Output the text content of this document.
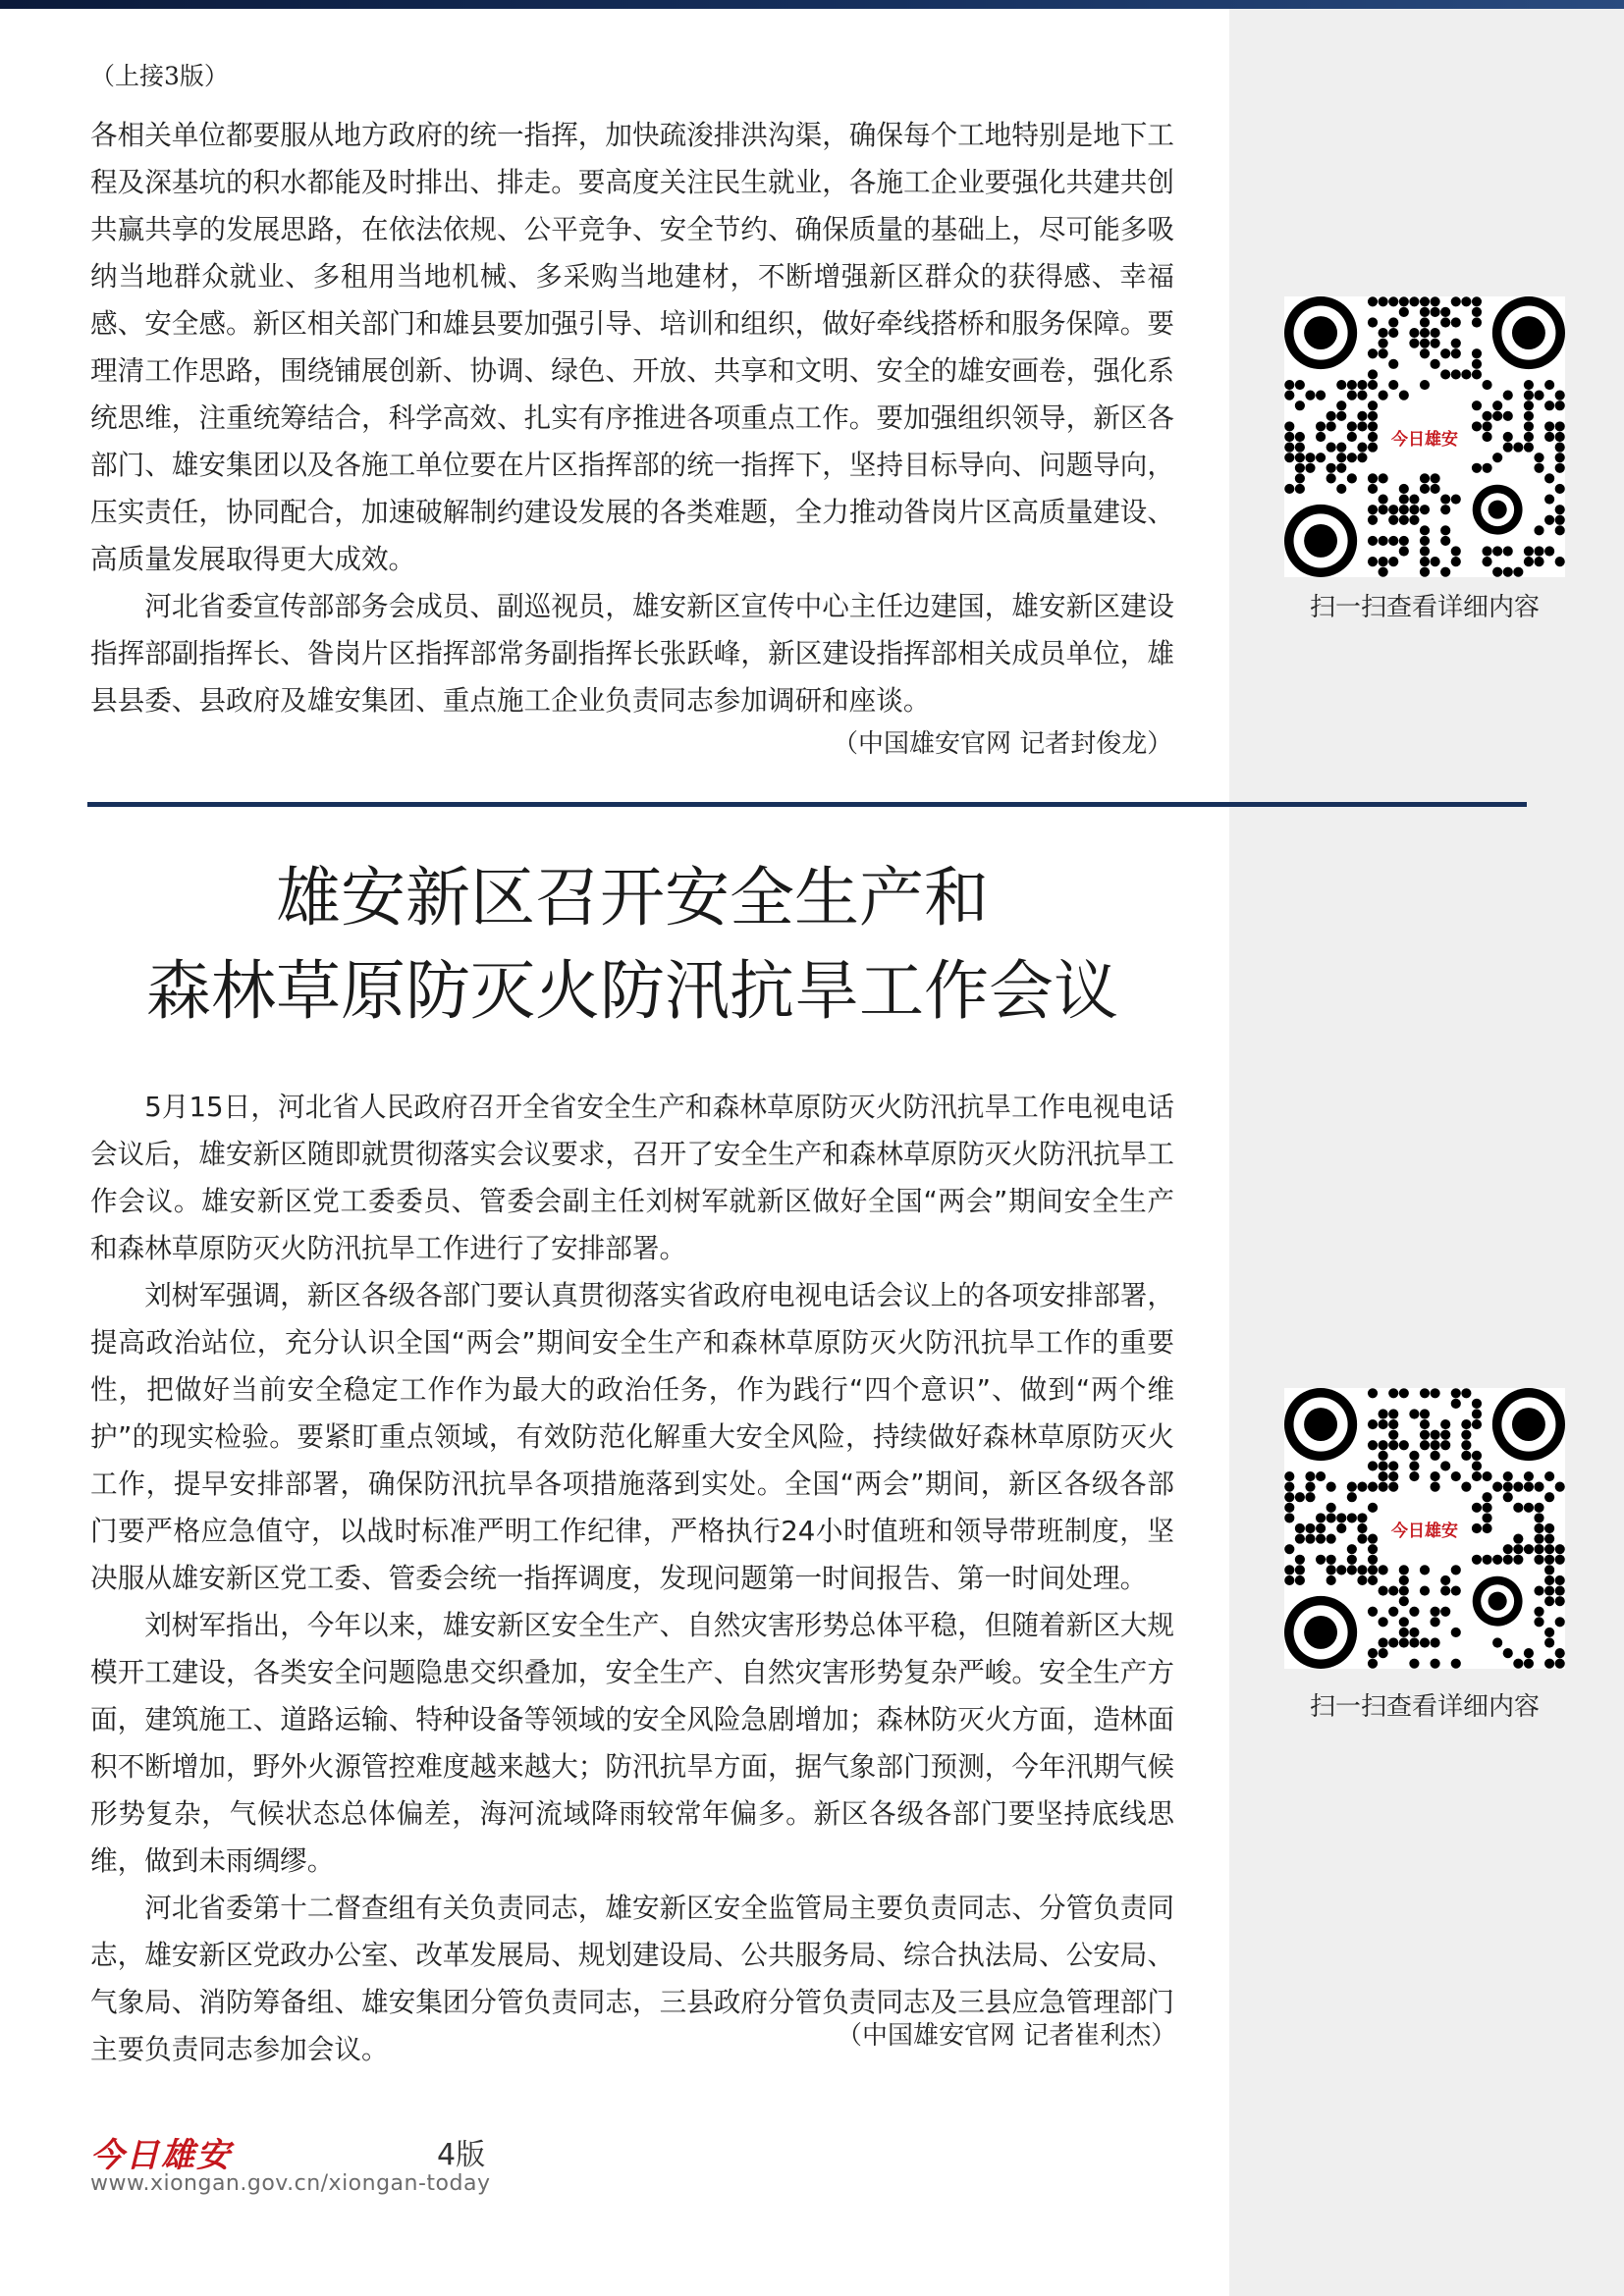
（上接3版）

各相关单位都要服从地方政府的统一指挥，加快疏浚排洪沟渠，确保每个工地特别是地下工程及深基坑的积水都能及时排出、排走。要高度关注民生就业，各施工企业要强化共建共创共赢共享的发展思路，在依法依规、公平竞争、安全节约、确保质量的基础上，尽可能多吸纳当地群众就业、多租用当地机械、多采购当地建材，不断增强新区群众的获得感、幸福感、安全感。新区相关部门和雄县要加强引导、培训和组织，做好牵线搭桥和服务保障。要理清工作思路，围绕铺展创新、协调、绿色、开放、共享和文明、安全的雄安画卷，强化系统思维，注重统筹结合，科学高效、扎实有序推进各项重点工作。要加强组织领导，新区各部门、雄安集团以及各施工单位要在片区指挥部的统一指挥下，坚持目标导向、问题导向，压实责任，协同配合，加速破解制约建设发展的各类难题，全力推动昝岗片区高质量建设、高质量发展取得更大成效。

河北省委宣传部部务会成员、副巡视员，雄安新区宣传中心主任边建国，雄安新区建设指挥部副指挥长、昝岗片区指挥部常务副指挥长张跃峰，新区建设指挥部相关成员单位，雄县县委、县政府及雄安集团、重点施工企业负责同志参加调研和座谈。

（中国雄安官网 记者封俊龙）
雄安新区召开安全生产和
森林草原防灭火防汛抗旱工作会议

5月15日，河北省人民政府召开全省安全生产和森林草原防灭火防汛抗旱工作电视电话会议后，雄安新区随即就贯彻落实会议要求，召开了安全生产和森林草原防灭火防汛抗旱工作会议。雄安新区党工委委员、管委会副主任刘树军就新区做好全国“两会”期间安全生产和森林草原防灭火防汛抗旱工作进行了安排部署。

刘树军强调，新区各级各部门要认真贯彻落实省政府电视电话会议上的各项安排部署，提高政治站位，充分认识全国“两会”期间安全生产和森林草原防灭火防汛抗旱工作的重要性，把做好当前安全稳定工作作为最大的政治任务，作为践行“四个意识”、做到“两个维护”的现实检验。要紧盯重点领域，有效防范化解重大安全风险，持续做好森林草原防灭火工作，提早安排部署，确保防汛抗旱各项措施落到实处。全国“两会”期间，新区各级各部门要严格应急值守，以战时标准严明工作纪律，严格执行24小时值班和领导带班制度，坚决服从雄安新区党工委、管委会统一指挥调度，发现问题第一时间报告、第一时间处理。

刘树军指出，今年以来，雄安新区安全生产、自然灾害形势总体平稳，但随着新区大规模开工建设，各类安全问题隐患交织叠加，安全生产、自然灾害形势复杂严峻。安全生产方面，建筑施工、道路运输、特种设备等领域的安全风险急剧增加；森林防灭火方面，造林面积不断增加，野外火源管控难度越来越大；防汛抗旱方面，据气象部门预测，今年汛期气候形势复杂，气候状态总体偏差，海河流域降雨较常年偏多。新区各级各部门要坚持底线思维，做到未雨绸缪。

河北省委第十二督查组有关负责同志，雄安新区安全监管局主要负责同志、分管负责同志，雄安新区党政办公室、改革发展局、规划建设局、公共服务局、综合执法局、公安局、气象局、消防筹备组、雄安集团分管负责同志，三县政府分管负责同志及三县应急管理部门主要负责同志参加会议。	（中国雄安官网 记者崔利杰）
今日雄安
扫一扫查看详细内容
今日雄安
扫一扫查看详细内容
今日雄安	4版
www.xiongan.gov.cn/xiongan-today
